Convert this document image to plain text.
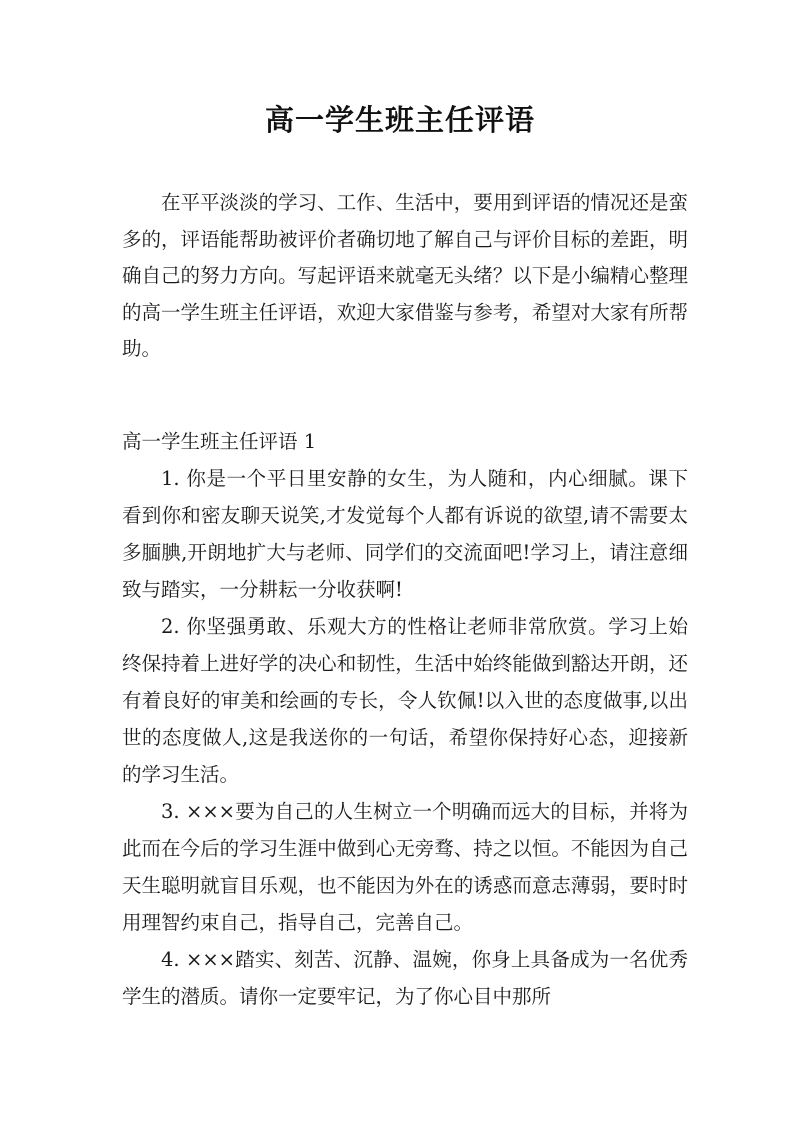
高一学生班主任评语

在平平淡淡的学习、工作、生活中，要用到评语的情况还是蛮多的，评语能帮助被评价者确切地了解自己与评价目标的差距，明确自己的努力方向。写起评语来就毫无头绪？以下是小编精心整理的高一学生班主任评语，欢迎大家借鉴与参考，希望对大家有所帮助。

高一学生班主任评语 1

1. 你是一个平日里安静的女生，为人随和，内心细腻。课下看到你和密友聊天说笑,才发觉每个人都有诉说的欲望,请不需要太多腼腆,开朗地扩大与老师、同学们的交流面吧!学习上，请注意细致与踏实，一分耕耘一分收获啊!

2. 你坚强勇敢、乐观大方的性格让老师非常欣赏。学习上始终保持着上进好学的决心和韧性，生活中始终能做到豁达开朗，还有着良好的审美和绘画的专长，令人钦佩!以入世的态度做事,以出世的态度做人,这是我送你的一句话，希望你保持好心态，迎接新的学习生活。

3. ×××要为自己的人生树立一个明确而远大的目标，并将为此而在今后的学习生涯中做到心无旁骛、持之以恒。不能因为自己天生聪明就盲目乐观，也不能因为外在的诱惑而意志薄弱，要时时用理智约束自己，指导自己，完善自己。

4. ×××踏实、刻苦、沉静、温婉，你身上具备成为一名优秀学生的潜质。请你一定要牢记，为了你心目中那所
